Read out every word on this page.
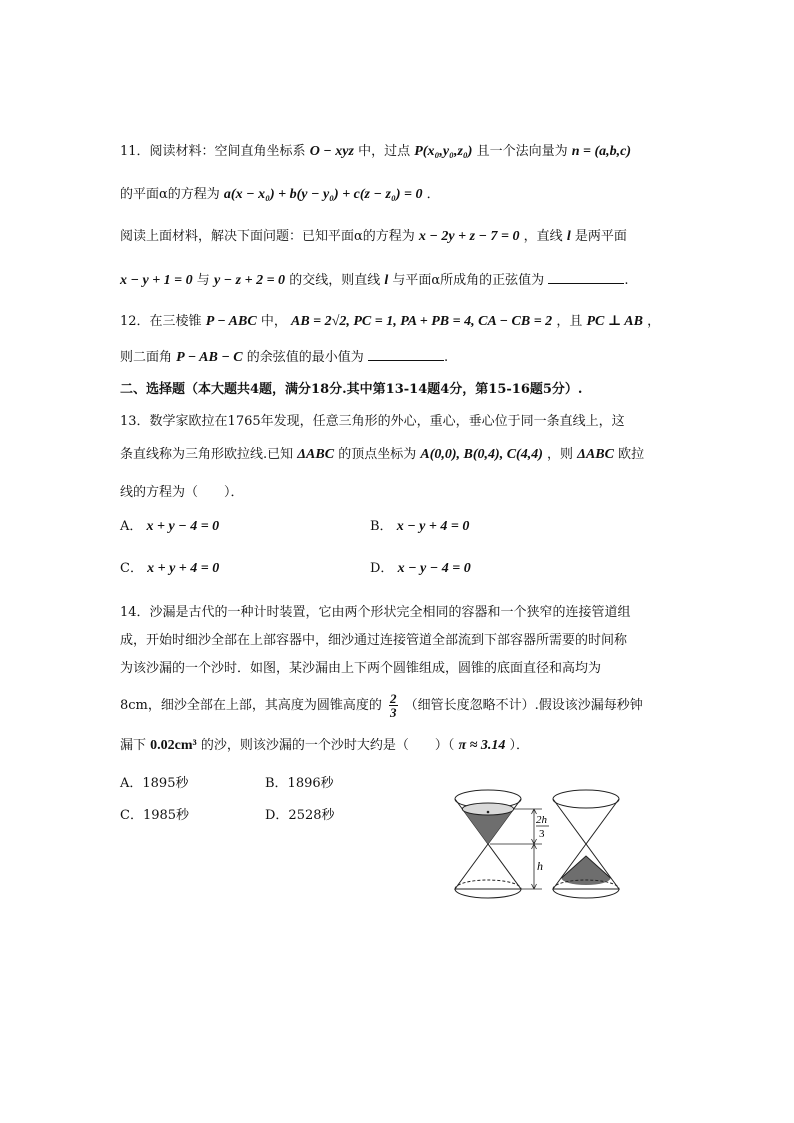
11．阅读材料：空间直角坐标系 O − xyz 中，过点 P(x₀,y₀,z₀) 且一个法向量为 n = (a,b,c)
的平面α的方程为 a(x − x₀) + b(y − y₀) + c(z − z₀) = 0 ．
阅读上面材料，解决下面问题：已知平面α的方程为 x − 2y + z − 7 = 0 ，直线 l 是两平面
x − y + 1 = 0 与 y − z + 2 = 0 的交线，则直线 l 与平面α所成角的正弦值为	.
12．在三棱锥 P − ABC 中， AB = 2√2, PC = 1, PA + PB = 4, CA − CB = 2 ，且 PC ⊥ AB ，
则二面角 P − AB − C 的余弦值的最小值为	.
二、选择题（本大题共4题，满分18分.其中第13-14题4分，第15-16题5分）.
13．数学家欧拉在1765年发现，任意三角形的外心，重心，垂心位于同一条直线上，这
条直线称为三角形欧拉线.已知 ΔABC 的顶点坐标为 A(0,0), B(0,4), C(4,4) ，则 ΔABC 欧拉
线的方程为（　　）．
A． x + y − 4 = 0	B． x − y + 4 = 0
C． x + y + 4 = 0	D． x − y − 4 = 0
14．沙漏是古代的一种计时装置，它由两个形状完全相同的容器和一个狭窄的连接管道组
成，开始时细沙全部在上部容器中，细沙通过连接管道全部流到下部容器所需要的时间称
为该沙漏的一个沙时．如图，某沙漏由上下两个圆锥组成，圆锥的底面直径和高均为
8cm，细沙全部在上部，其高度为圆锥高度的 $\frac{2}{3}$ （细管长度忽略不计）.假设该沙漏每秒钟
漏下 0.02cm³ 的沙，则该沙漏的一个沙时大约是（　　）（ π ≈ 3.14 ）．
A．1895秒	B．1896秒
C．1985秒	D．2528秒	2h
3
h
